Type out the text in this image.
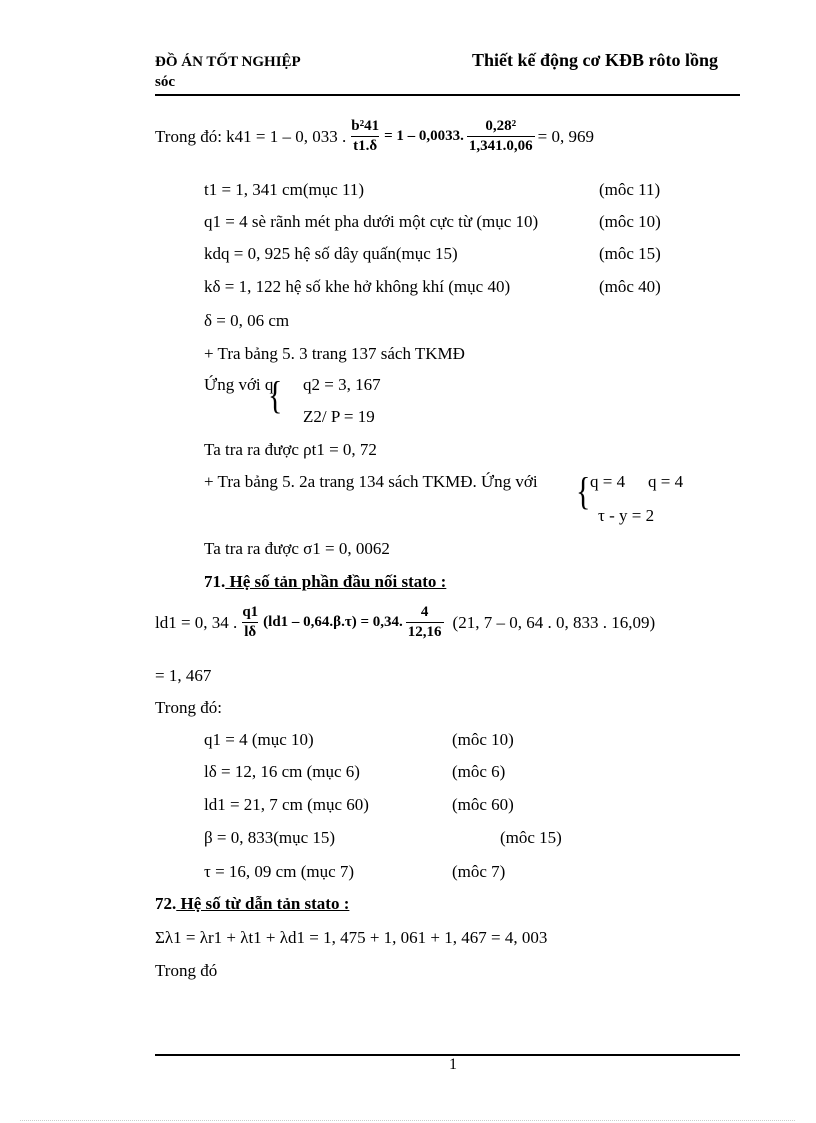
ĐỒ ÁN TỐT NGHIỆP
sóc
Thiết kế động cơ KĐB rôto lồng
Trong đó: k41 = 1 – 0, 033 . $\frac{\text{b²41}}{t1.\delta} = 1 - 0,0033$. $\frac{\text{0,28²}}{1,341.0,06} = 0$, 969
t1 = 1, 341 cm(mục 11)	(môc 11)
q1 = 4 sè rãnh mét pha dưới một cực từ (mục 10)	(môc 10)
kdq = 0, 925 hệ số dây quấn(mục 15)	(môc 15)
kδ = 1, 122 hệ số khe hở không khí (mục 40)	(môc 40)
δ = 0, 06 cm
+ Tra bảng 5. 3 trang 137 sách TKMĐ
Ứng với q
{ q2 = 3, 167
Z2/ P = 19
Ta tra ra được ρt1 = 0, 72
+ Tra bảng 5. 2a trang 134 sách TKMĐ. Ứng với { q = 4 q = 4
τ - y = 2
Ta tra ra được σ1 = 0, 0062
71. Hệ số tản phần đầu nối stato :
ld1 = 0, 34 . $\frac{q1}{l\delta} (ld1 - 0,64.\beta.\tau) = 0,34$. $\frac{4}{12,16} (21$, 7 – 0, 64 . 0, 833 . 16,09)
= 1, 467
Trong đó:
q1 = 4 (mục 10)	(môc 10)
lδ = 12, 16 cm (mục 6)	(môc 6)
ld1 = 21, 7 cm (mục 60)	(môc 60)
β = 0, 833(mục 15)	(môc 15)
τ = 16, 09 cm (mục 7)	(môc 7)
72. Hệ số từ dẫn tản stato :
Σλ1 = λr1 + λt1 + λd1 = 1, 475 + 1, 061 + 1, 467 = 4, 003
Trong đó
1
